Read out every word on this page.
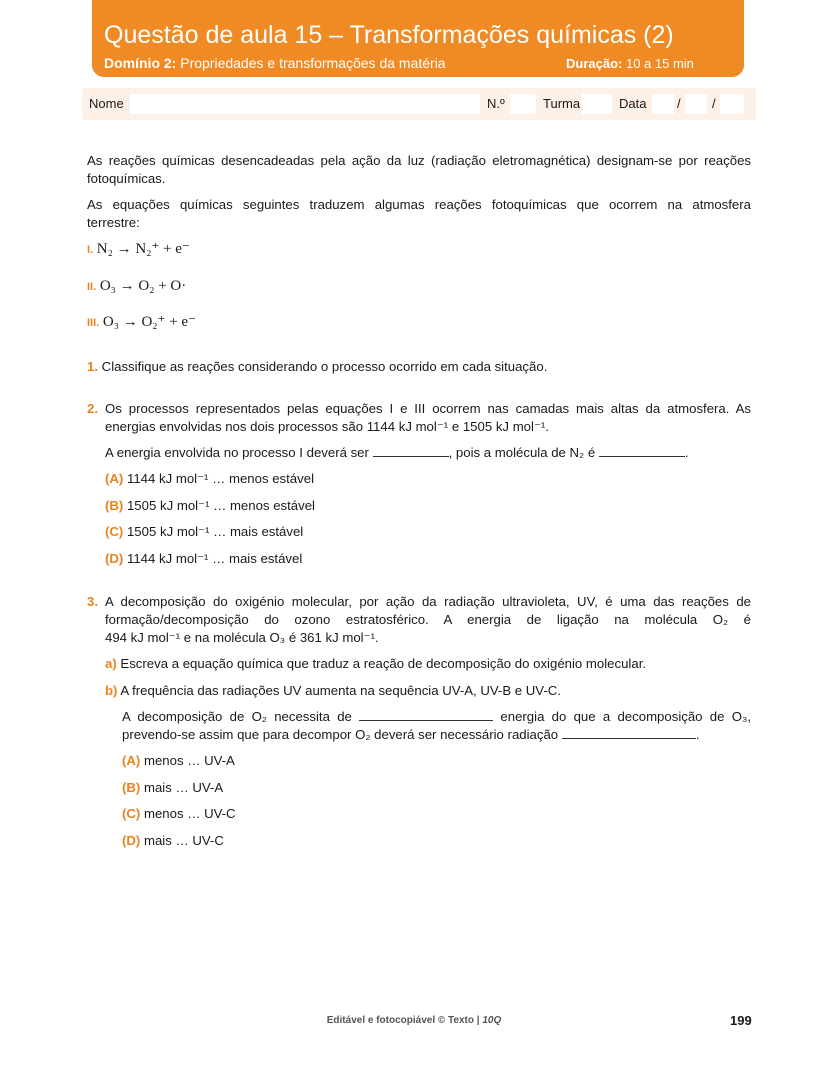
Questão de aula 15 – Transformações químicas (2)
Domínio 2: Propriedades e transformações da matéria	Duração: 10 a 15 min
Nome	N.º	Turma	Data / /
As reações químicas desencadeadas pela ação da luz (radiação eletromagnética) designam-se por reações
fotoquímicas.
As equações químicas seguintes traduzem algumas reações fotoquímicas que ocorrem na atmosfera
terrestre:
I. N₂ → N₂⁺ + e⁻
II. O₃ → O₂ + O·
III. O₃ → O₂⁺ + e⁻
1. Classifique as reações considerando o processo ocorrido em cada situação.
2. Os processos representados pelas equações I e III ocorrem nas camadas mais altas da atmosfera. As
energias envolvidas nos dois processos são 1144 kJ mol⁻¹ e 1505 kJ mol⁻¹.
A energia envolvida no processo I deverá ser	, pois a molécula de N₂ é	.
(A) 1144 kJ mol⁻¹ … menos estável
(B) 1505 kJ mol⁻¹ … menos estável
(C) 1505 kJ mol⁻¹ … mais estável
(D) 1144 kJ mol⁻¹ … mais estável
3. A decomposição do oxigénio molecular, por ação da radiação ultravioleta, UV, é uma das reações de
formação/decomposição do ozono estratosférico. A energia de ligação na molécula O₂ é
494 kJ mol⁻¹ e na molécula O₃ é 361 kJ mol⁻¹.
a) Escreva a equação química que traduz a reação de decomposição do oxigénio molecular.
b) A frequência das radiações UV aumenta na sequência UV-A, UV-B e UV-C.
A decomposição de O₂ necessita de	energia do que a decomposição de O₃,
prevendo-se assim que para decompor O₂ deverá ser necessário radiação	.
(A) menos … UV-A
(B) mais … UV-A
(C) menos … UV-C
(D) mais … UV-C
Editável e fotocopiável © Texto | 10Q	199
